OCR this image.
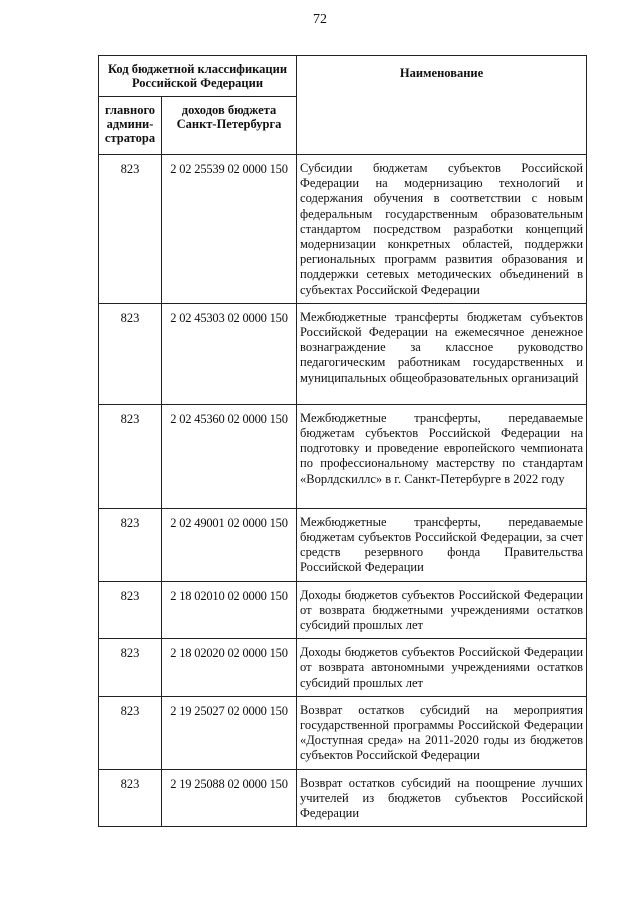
72
Код бюджетной классификации Российской Федерации		Наименование
главного админи-стратора	доходов бюджета Санкт-Петербурга	
823	2 02 25539 02 0000 150	Субсидии бюджетам субъектов Российской Федерации на модернизацию технологий и содержания обучения в соответствии с новым федеральным государственным образовательным стандартом посредством разработки концепций модернизации конкретных областей, поддержки региональных программ развития образования и поддержки сетевых методических объединений в субъектах Российской Федерации
823	2 02 45303 02 0000 150	Межбюджетные трансферты бюджетам субъектов Российской Федерации на ежемесячное денежное вознаграждение за классное руководство педагогическим работникам государственных и муниципальных общеобразовательных организаций
823	2 02 45360 02 0000 150	Межбюджетные трансферты, передаваемые бюджетам субъектов Российской Федерации на подготовку и проведение европейского чемпионата по профессиональному мастерству по стандартам «Ворлдскиллс» в г. Санкт-Петербурге в 2022 году
823	2 02 49001 02 0000 150	Межбюджетные трансферты, передаваемые бюджетам субъектов Российской Федерации, за счет средств резервного фонда Правительства Российской Федерации
823	2 18 02010 02 0000 150	Доходы бюджетов субъектов Российской Федерации от возврата бюджетными учреждениями остатков субсидий прошлых лет
823	2 18 02020 02 0000 150	Доходы бюджетов субъектов Российской Федерации от возврата автономными учреждениями остатков субсидий прошлых лет
823	2 19 25027 02 0000 150	Возврат остатков субсидий на мероприятия государственной программы Российской Федерации «Доступная среда» на 2011-2020 годы из бюджетов субъектов Российской Федерации
823	2 19 25088 02 0000 150	Возврат остатков субсидий на поощрение лучших учителей из бюджетов субъектов Российской Федерации
